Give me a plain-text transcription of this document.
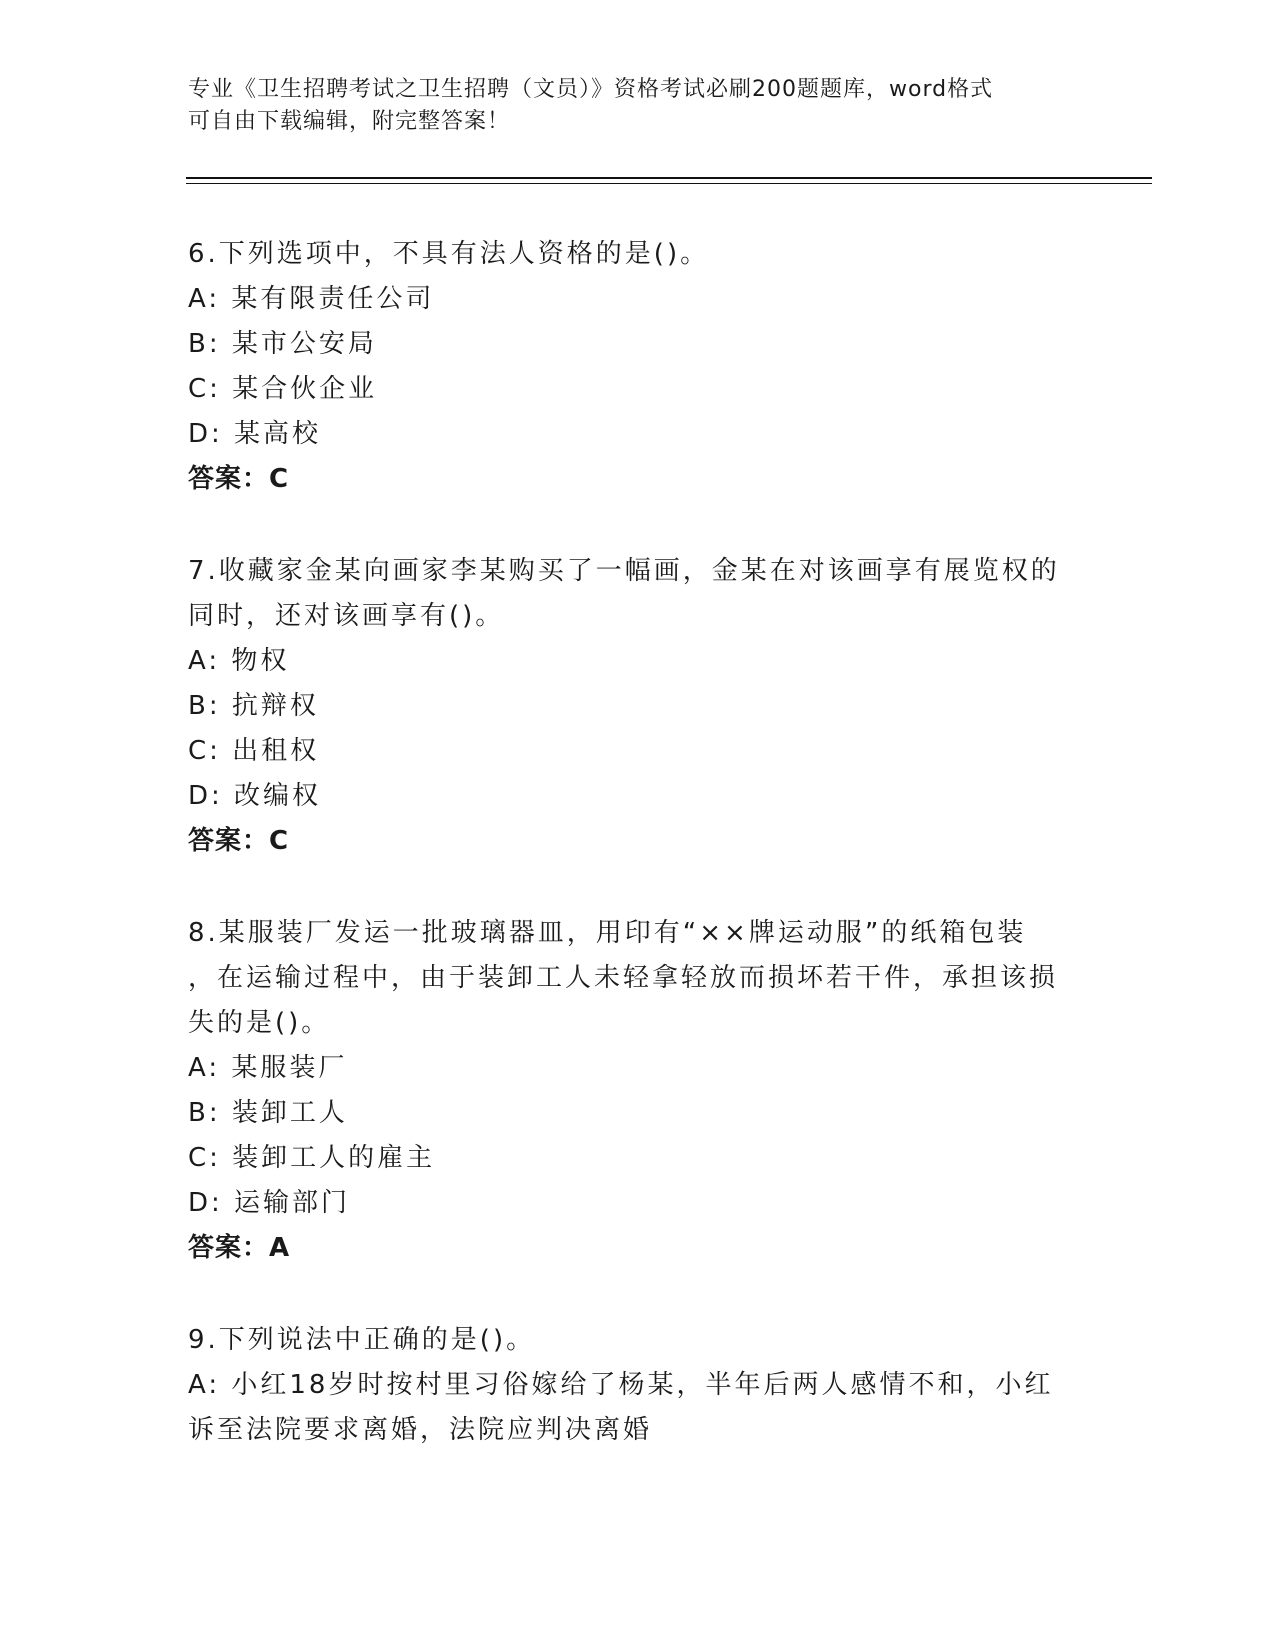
专业《卫生招聘考试之卫生招聘（文员）》资格考试必刷200题题库，word格式
可自由下载编辑，附完整答案！

6.下列选项中，不具有法人资格的是()。

A: 某有限责任公司

B: 某市公安局

C: 某合伙企业

D: 某高校

答案：C

7.收藏家金某向画家李某购买了一幅画，金某在对该画享有展览权的

同时，还对该画享有()。

A: 物权

B: 抗辩权

C: 出租权

D: 改编权

答案：C

8.某服装厂发运一批玻璃器皿，用印有“××牌运动服”的纸箱包装

，在运输过程中，由于装卸工人未轻拿轻放而损坏若干件，承担该损

失的是()。

A: 某服装厂

B: 装卸工人

C: 装卸工人的雇主

D: 运输部门

答案：A

9.下列说法中正确的是()。

A: 小红18岁时按村里习俗嫁给了杨某，半年后两人感情不和，小红

诉至法院要求离婚，法院应判决离婚
